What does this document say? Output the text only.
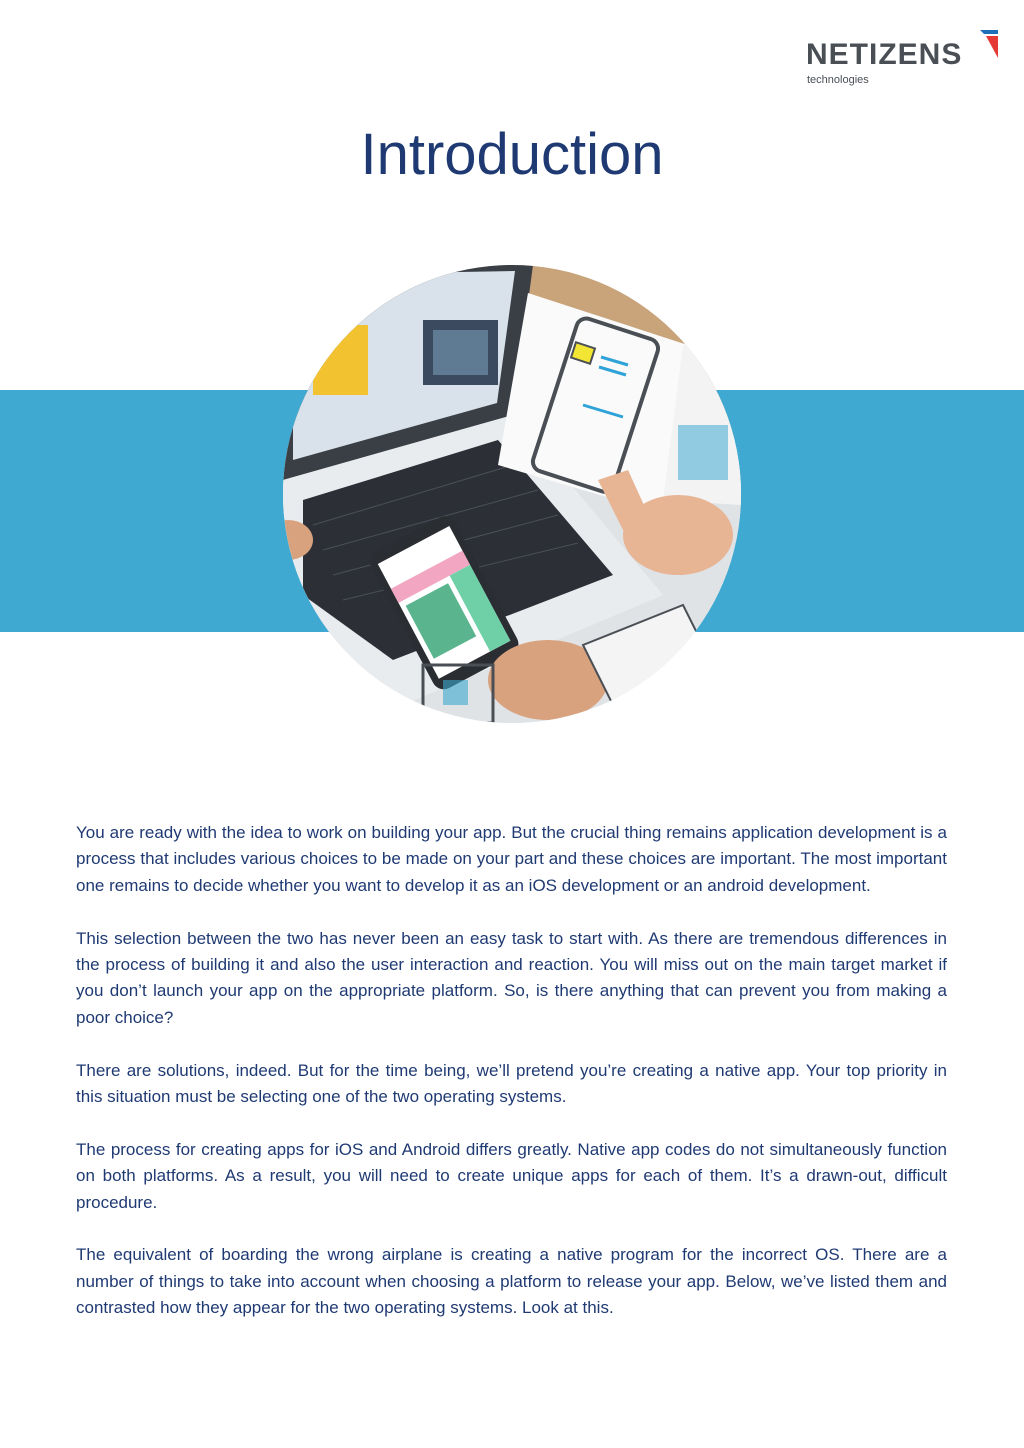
NETIZENS
technologies
Introduction

You are ready with the idea to work on building your app. But the crucial thing remains application development is a process that includes various choices to be made on your part and these choices are important. The most important one remains to decide whether you want to develop it as an iOS development or an android development.

This selection between the two has never been an easy task to start with. As there are tremendous differences in the process of building it and also the user interaction and reaction. You will miss out on the main target market if you don’t launch your app on the appropriate platform. So, is there anything that can prevent you from making a poor choice?

There are solutions, indeed. But for the time being, we’ll pretend you’re creating a native app. Your top priority in this situation must be selecting one of the two operating systems.

The process for creating apps for iOS and Android differs greatly. Native app codes do not simultaneously function on both platforms. As a result, you will need to create unique apps for each of them. It’s a drawn-out, difficult procedure.

The equivalent of boarding the wrong airplane is creating a native program for the incorrect OS. There are a number of things to take into account when choosing a platform to release your app. Below, we’ve listed them and contrasted how they appear for the two operating systems. Look at this.
